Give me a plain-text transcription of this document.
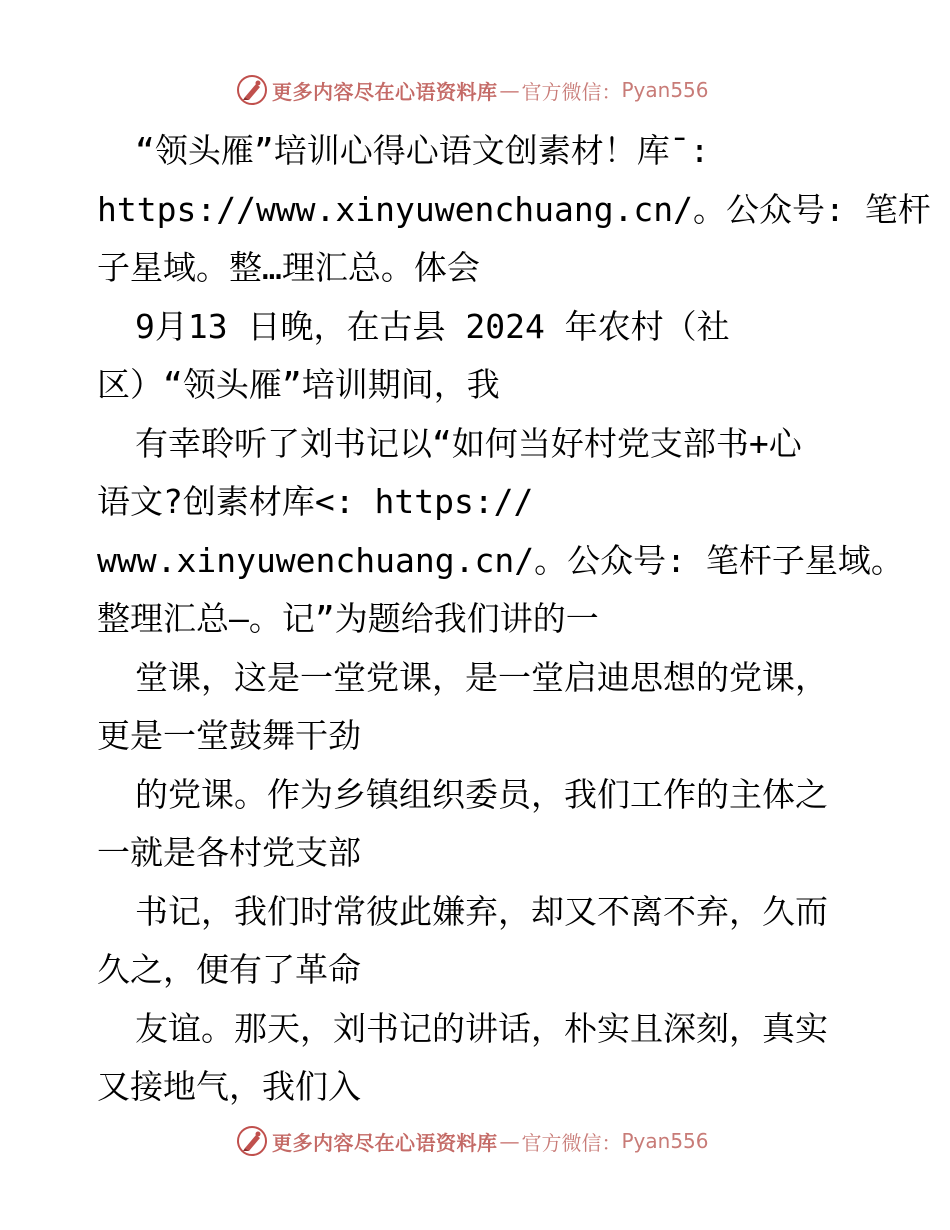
更多内容尽在心语资料库 — 官方微信： Pyan556
“领头雁”培训心得心语文创素材！库¯:
https://www.xinyuwenchuang.cn/。公众号: 笔杆
子星域。整…理汇总。体会
9月13 日晚，在古县 2024 年农村（社
区）“领头雁”培训期间，我
有幸聆听了刘书记以“如何当好村党支部书+心
语文?创素材库<: https://
www.xinyuwenchuang.cn/。公众号: 笔杆子星域。
整理汇总—。记”为题给我们讲的一
堂课，这是一堂党课，是一堂启迪思想的党课，
更是一堂鼓舞干劲
的党课。作为乡镇组织委员，我们工作的主体之
一就是各村党支部
书记，我们时常彼此嫌弃，却又不离不弃，久而
久之，便有了革命
友谊。那天，刘书记的讲话，朴实且深刻，真实
又接地气，我们入
更多内容尽在心语资料库 — 官方微信： Pyan556
